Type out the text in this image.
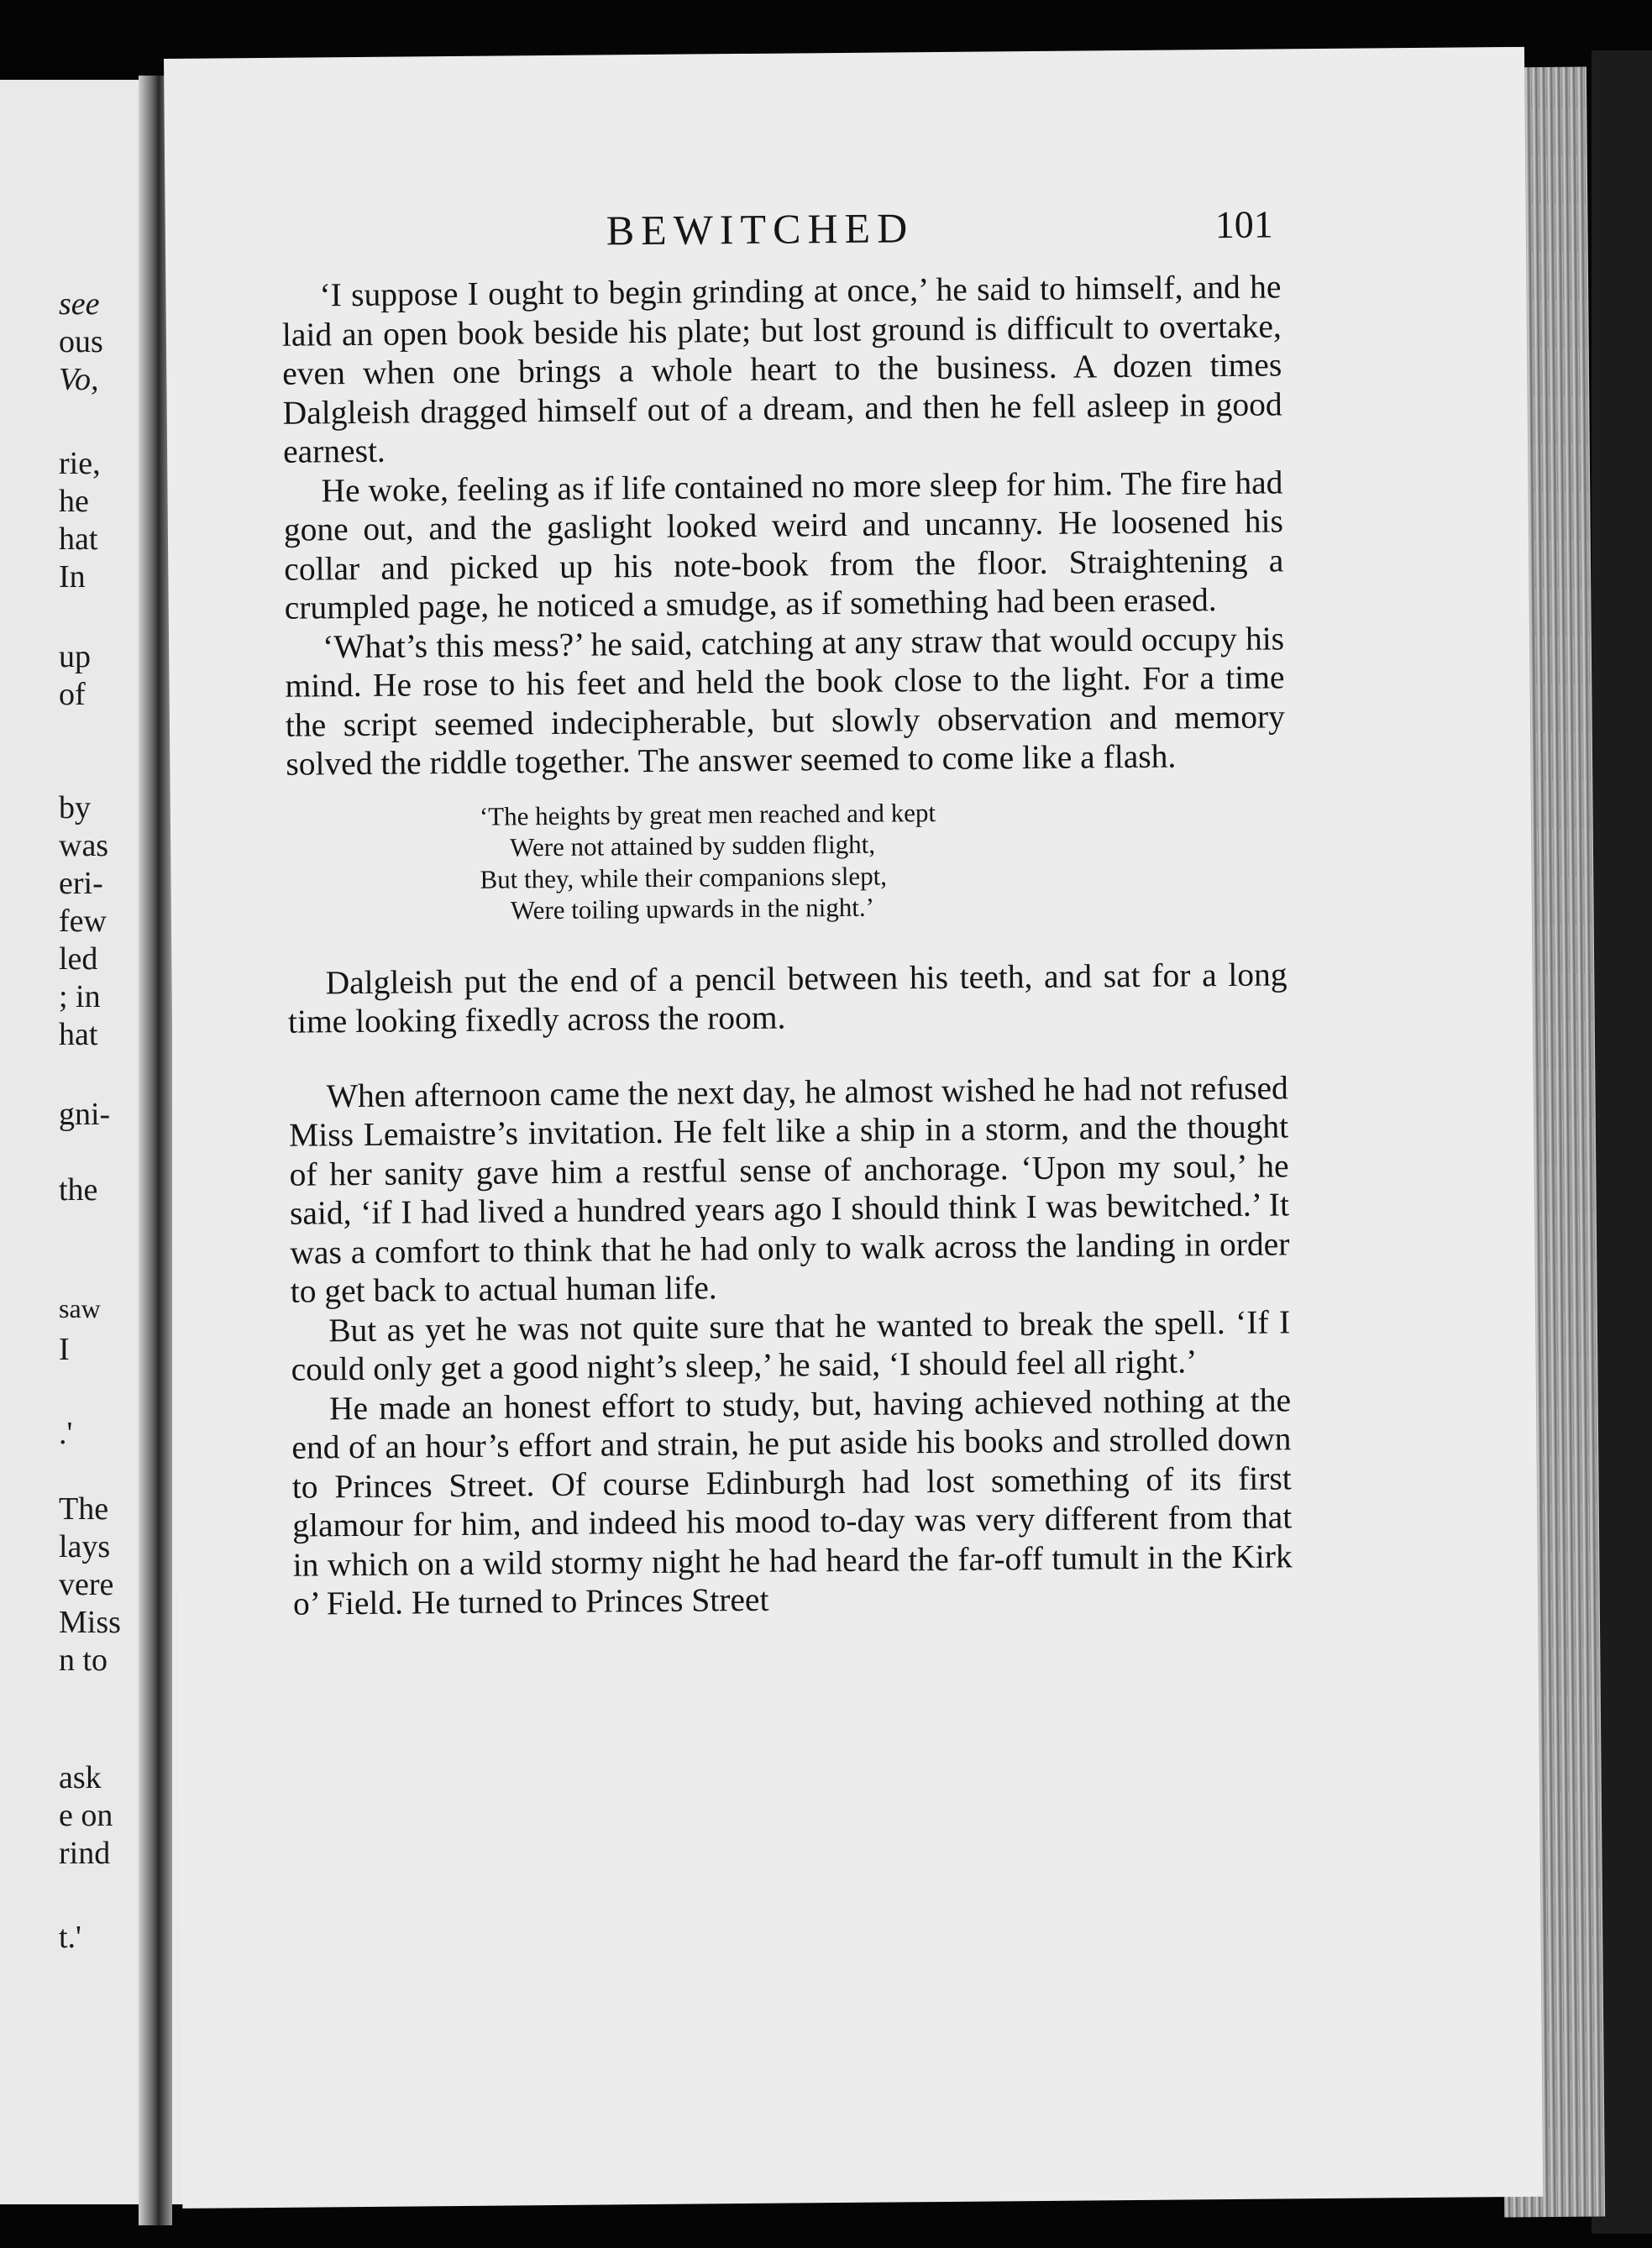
see
ous
Vo,
rie,
he
hat
In
up
of
by
was
eri-
few
led
; in
hat
gni-
the
saw
I
.'
The
lays
vere
Miss
n to
ask
e on
rind
t.'
BEWITCHED	101

‘I suppose I ought to begin grinding at once,’ he said to himself, and he laid an open book beside his plate; but lost ground is difficult to overtake, even when one brings a whole heart to the business. A dozen times Dalgleish dragged himself out of a dream, and then he fell asleep in good earnest.

He woke, feeling as if life contained no more sleep for him. The fire had gone out, and the gaslight looked weird and uncanny. He loosened his collar and picked up his note-book from the floor. Straightening a crumpled page, he noticed a smudge, as if something had been erased.

‘What’s this mess?’ he said, catching at any straw that would occupy his mind. He rose to his feet and held the book close to the light. For a time the script seemed indecipherable, but slowly observation and memory solved the riddle together. The answer seemed to come like a flash.

‘The heights by great men reached and kept
Were not attained by sudden flight,
But they, while their companions slept,
Were toiling upwards in the night.’

Dalgleish put the end of a pencil between his teeth, and sat for a long time looking fixedly across the room.

When afternoon came the next day, he almost wished he had not refused Miss Lemaistre’s invitation. He felt like a ship in a storm, and the thought of her sanity gave him a restful sense of anchorage. ‘Upon my soul,’ he said, ‘if I had lived a hundred years ago I should think I was bewitched.’ It was a comfort to think that he had only to walk across the landing in order to get back to actual human life.

But as yet he was not quite sure that he wanted to break the spell. ‘If I could only get a good night’s sleep,’ he said, ‘I should feel all right.’

He made an honest effort to study, but, having achieved nothing at the end of an hour’s effort and strain, he put aside his books and strolled down to Princes Street. Of course Edinburgh had lost something of its first glamour for him, and indeed his mood to-day was very different from that in which on a wild stormy night he had heard the far-off tumult in the Kirk o’ Field. He turned to Princes Street
